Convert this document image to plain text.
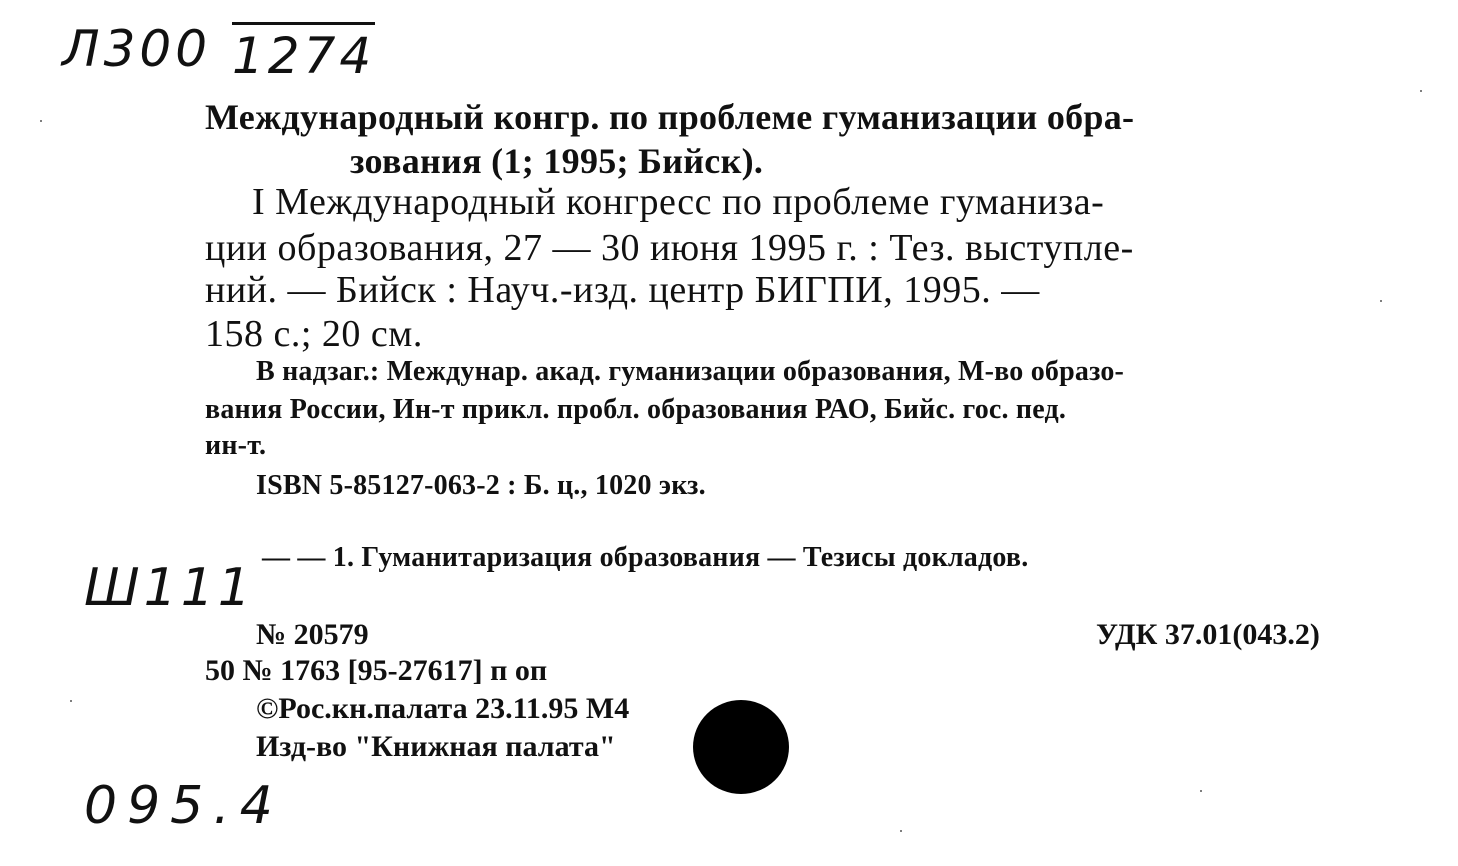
Л300 1274
Ш111
095.4

Международный конгр. по проблеме гуманизации обра-

зования (1; 1995; Бийск).

I Международный конгресс по проблеме гуманиза-

ции образования, 27 — 30 июня 1995 г. : Тез. выступле-

ний. — Бийск : Науч.-изд. центр БИГПИ, 1995. —

158 с.; 20 см.

В надзаг.: Междунар. акад. гуманизации образования, М-во образо-

вания России, Ин-т прикл. пробл. образования РАО, Бийс. гос. пед.

ин-т.

ISBN 5-85127-063-2 : Б. ц., 1020 экз.

— — 1. Гуманитаризация образования — Тезисы докладов.

№ 20579	УДК 37.01(043.2)

50 № 1763 [95-27617] п оп

©Рос.кн.палата 23.11.95 М4

Изд-во "Книжная палата"
